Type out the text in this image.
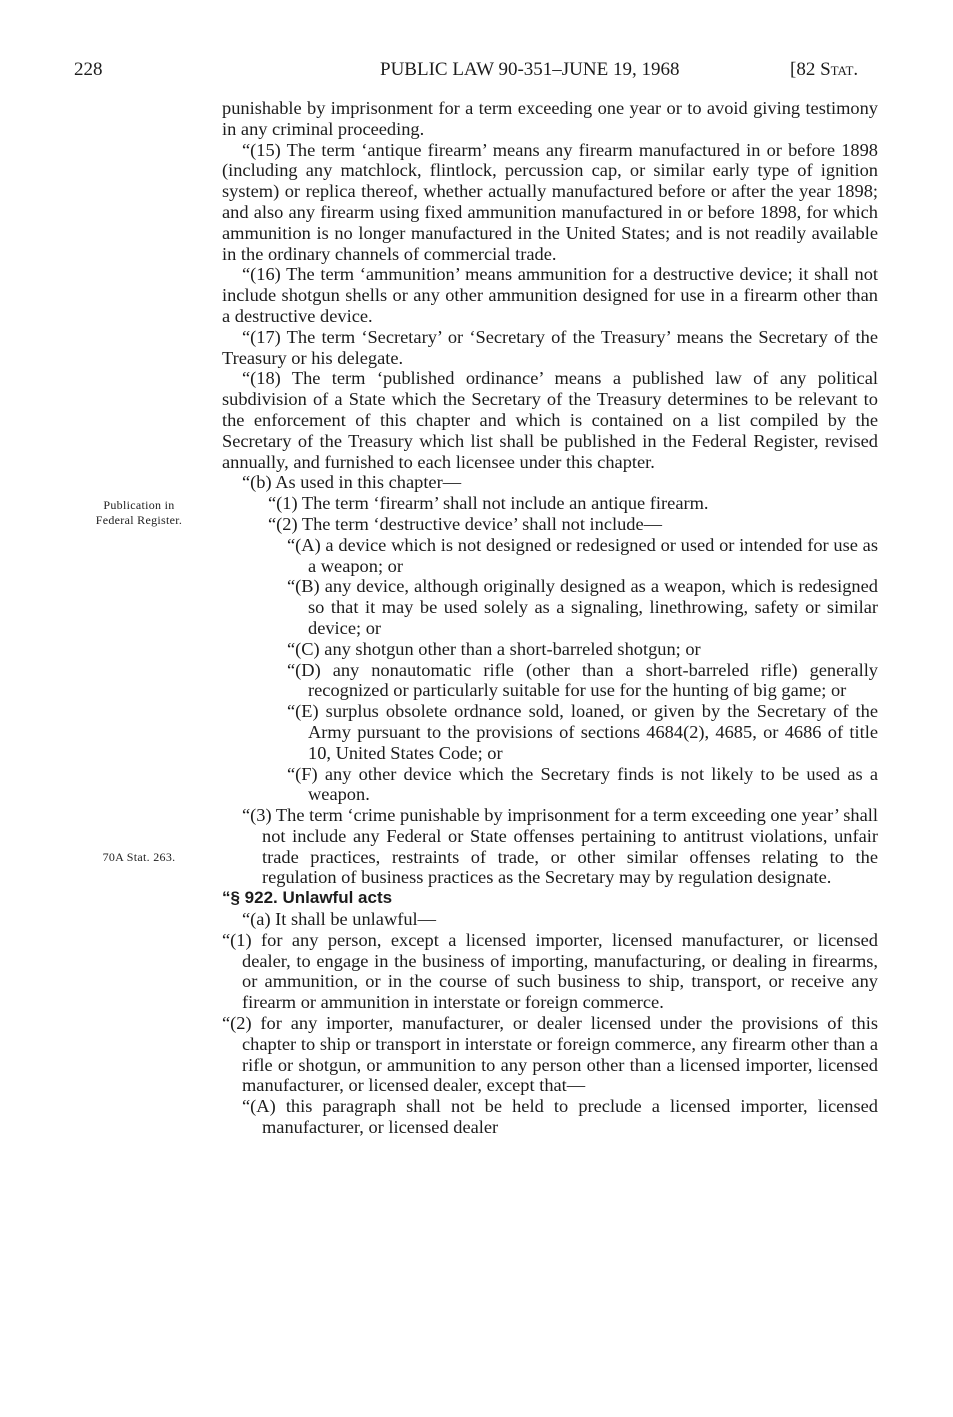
228	PUBLIC LAW 90-351–JUNE 19, 1968	[82 Stat.
Publication in
Federal Register.
70A Stat. 263.

punishable by imprisonment for a term exceeding one year or to avoid giving testimony in any criminal proceeding.

“(15) The term ‘antique firearm’ means any firearm manufactured in or before 1898 (including any matchlock, flintlock, percussion cap, or similar early type of ignition system) or replica thereof, whether actually manufactured before or after the year 1898; and also any firearm using fixed ammunition manufactured in or before 1898, for which ammunition is no longer manufactured in the United States; and is not readily available in the ordinary channels of commercial trade.

“(16) The term ‘ammunition’ means ammunition for a destructive device; it shall not include shotgun shells or any other ammunition designed for use in a firearm other than a destructive device.

“(17) The term ‘Secretary’ or ‘Secretary of the Treasury’ means the Secretary of the Treasury or his delegate.

“(18) The term ‘published ordinance’ means a published law of any political subdivision of a State which the Secretary of the Treasury determines to be relevant to the enforcement of this chapter and which is contained on a list compiled by the Secretary of the Treasury which list shall be published in the Federal Register, revised annually, and furnished to each licensee under this chapter.

“(b) As used in this chapter—

“(1) The term ‘firearm’ shall not include an antique firearm.

“(2) The term ‘destructive device’ shall not include—

“(A) a device which is not designed or redesigned or used or intended for use as a weapon; or

“(B) any device, although originally designed as a weapon, which is redesigned so that it may be used solely as a signaling, linethrowing, safety or similar device; or

“(C) any shotgun other than a short-barreled shotgun; or

“(D) any nonautomatic rifle (other than a short-barreled rifle) generally recognized or particularly suitable for use for the hunting of big game; or

“(E) surplus obsolete ordnance sold, loaned, or given by the Secretary of the Army pursuant to the provisions of sections 4684(2), 4685, or 4686 of title 10, United States Code; or

“(F) any other device which the Secretary finds is not likely to be used as a weapon.

“(3) The term ‘crime punishable by imprisonment for a term exceeding one year’ shall not include any Federal or State offenses pertaining to antitrust violations, unfair trade practices, restraints of trade, or other similar offenses relating to the regulation of business practices as the Secretary may by regulation designate.

“§ 922. Unlawful acts

“(a) It shall be unlawful—

“(1) for any person, except a licensed importer, licensed manufacturer, or licensed dealer, to engage in the business of importing, manufacturing, or dealing in firearms, or ammunition, or in the course of such business to ship, transport, or receive any firearm or ammunition in interstate or foreign commerce.

“(2) for any importer, manufacturer, or dealer licensed under the provisions of this chapter to ship or transport in interstate or foreign commerce, any firearm other than a rifle or shotgun, or ammunition to any person other than a licensed importer, licensed manufacturer, or licensed dealer, except that—

“(A) this paragraph shall not be held to preclude a licensed importer, licensed manufacturer, or licensed dealer
